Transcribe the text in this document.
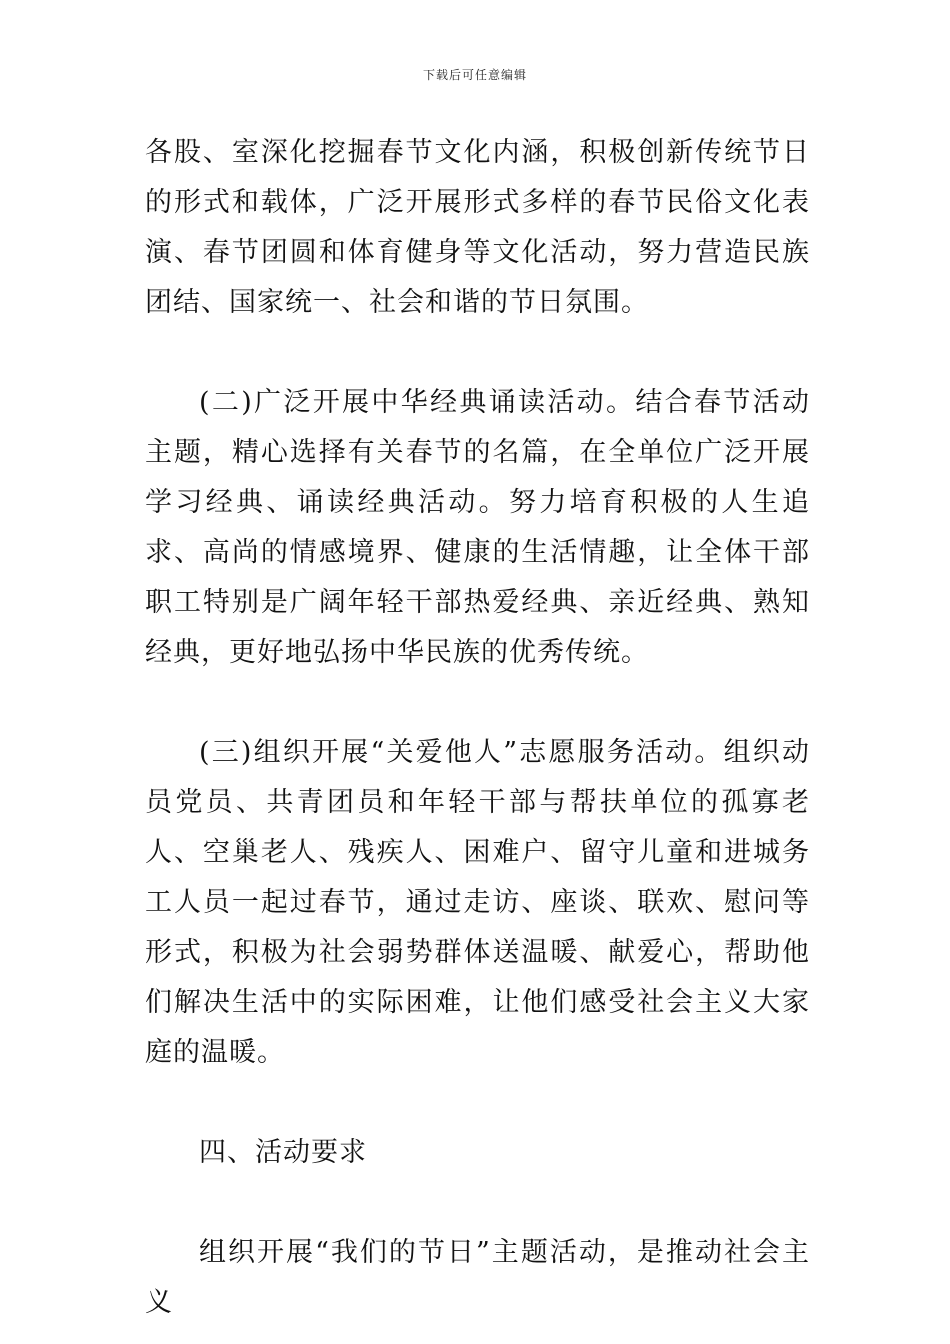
下载后可任意编辑

各股、室深化挖掘春节文化内涵，积极创新传统节日的形式和载体，广泛开展形式多样的春节民俗文化表演、春节团圆和体育健身等文化活动，努力营造民族团结、国家统一、社会和谐的节日氛围。

(二)广泛开展中华经典诵读活动。结合春节活动主题，精心选择有关春节的名篇，在全单位广泛开展学习经典、诵读经典活动。努力培育积极的人生追求、高尚的情感境界、健康的生活情趣，让全体干部职工特别是广阔年轻干部热爱经典、亲近经典、熟知经典，更好地弘扬中华民族的优秀传统。

(三)组织开展“关爱他人”志愿服务活动。组织动员党员、共青团员和年轻干部与帮扶单位的孤寡老人、空巢老人、残疾人、困难户、留守儿童和进城务工人员一起过春节，通过走访、座谈、联欢、慰问等形式，积极为社会弱势群体送温暖、献爱心，帮助他们解决生活中的实际困难，让他们感受社会主义大家庭的温暖。

四、活动要求

组织开展“我们的节日”主题活动，是推动社会主义
